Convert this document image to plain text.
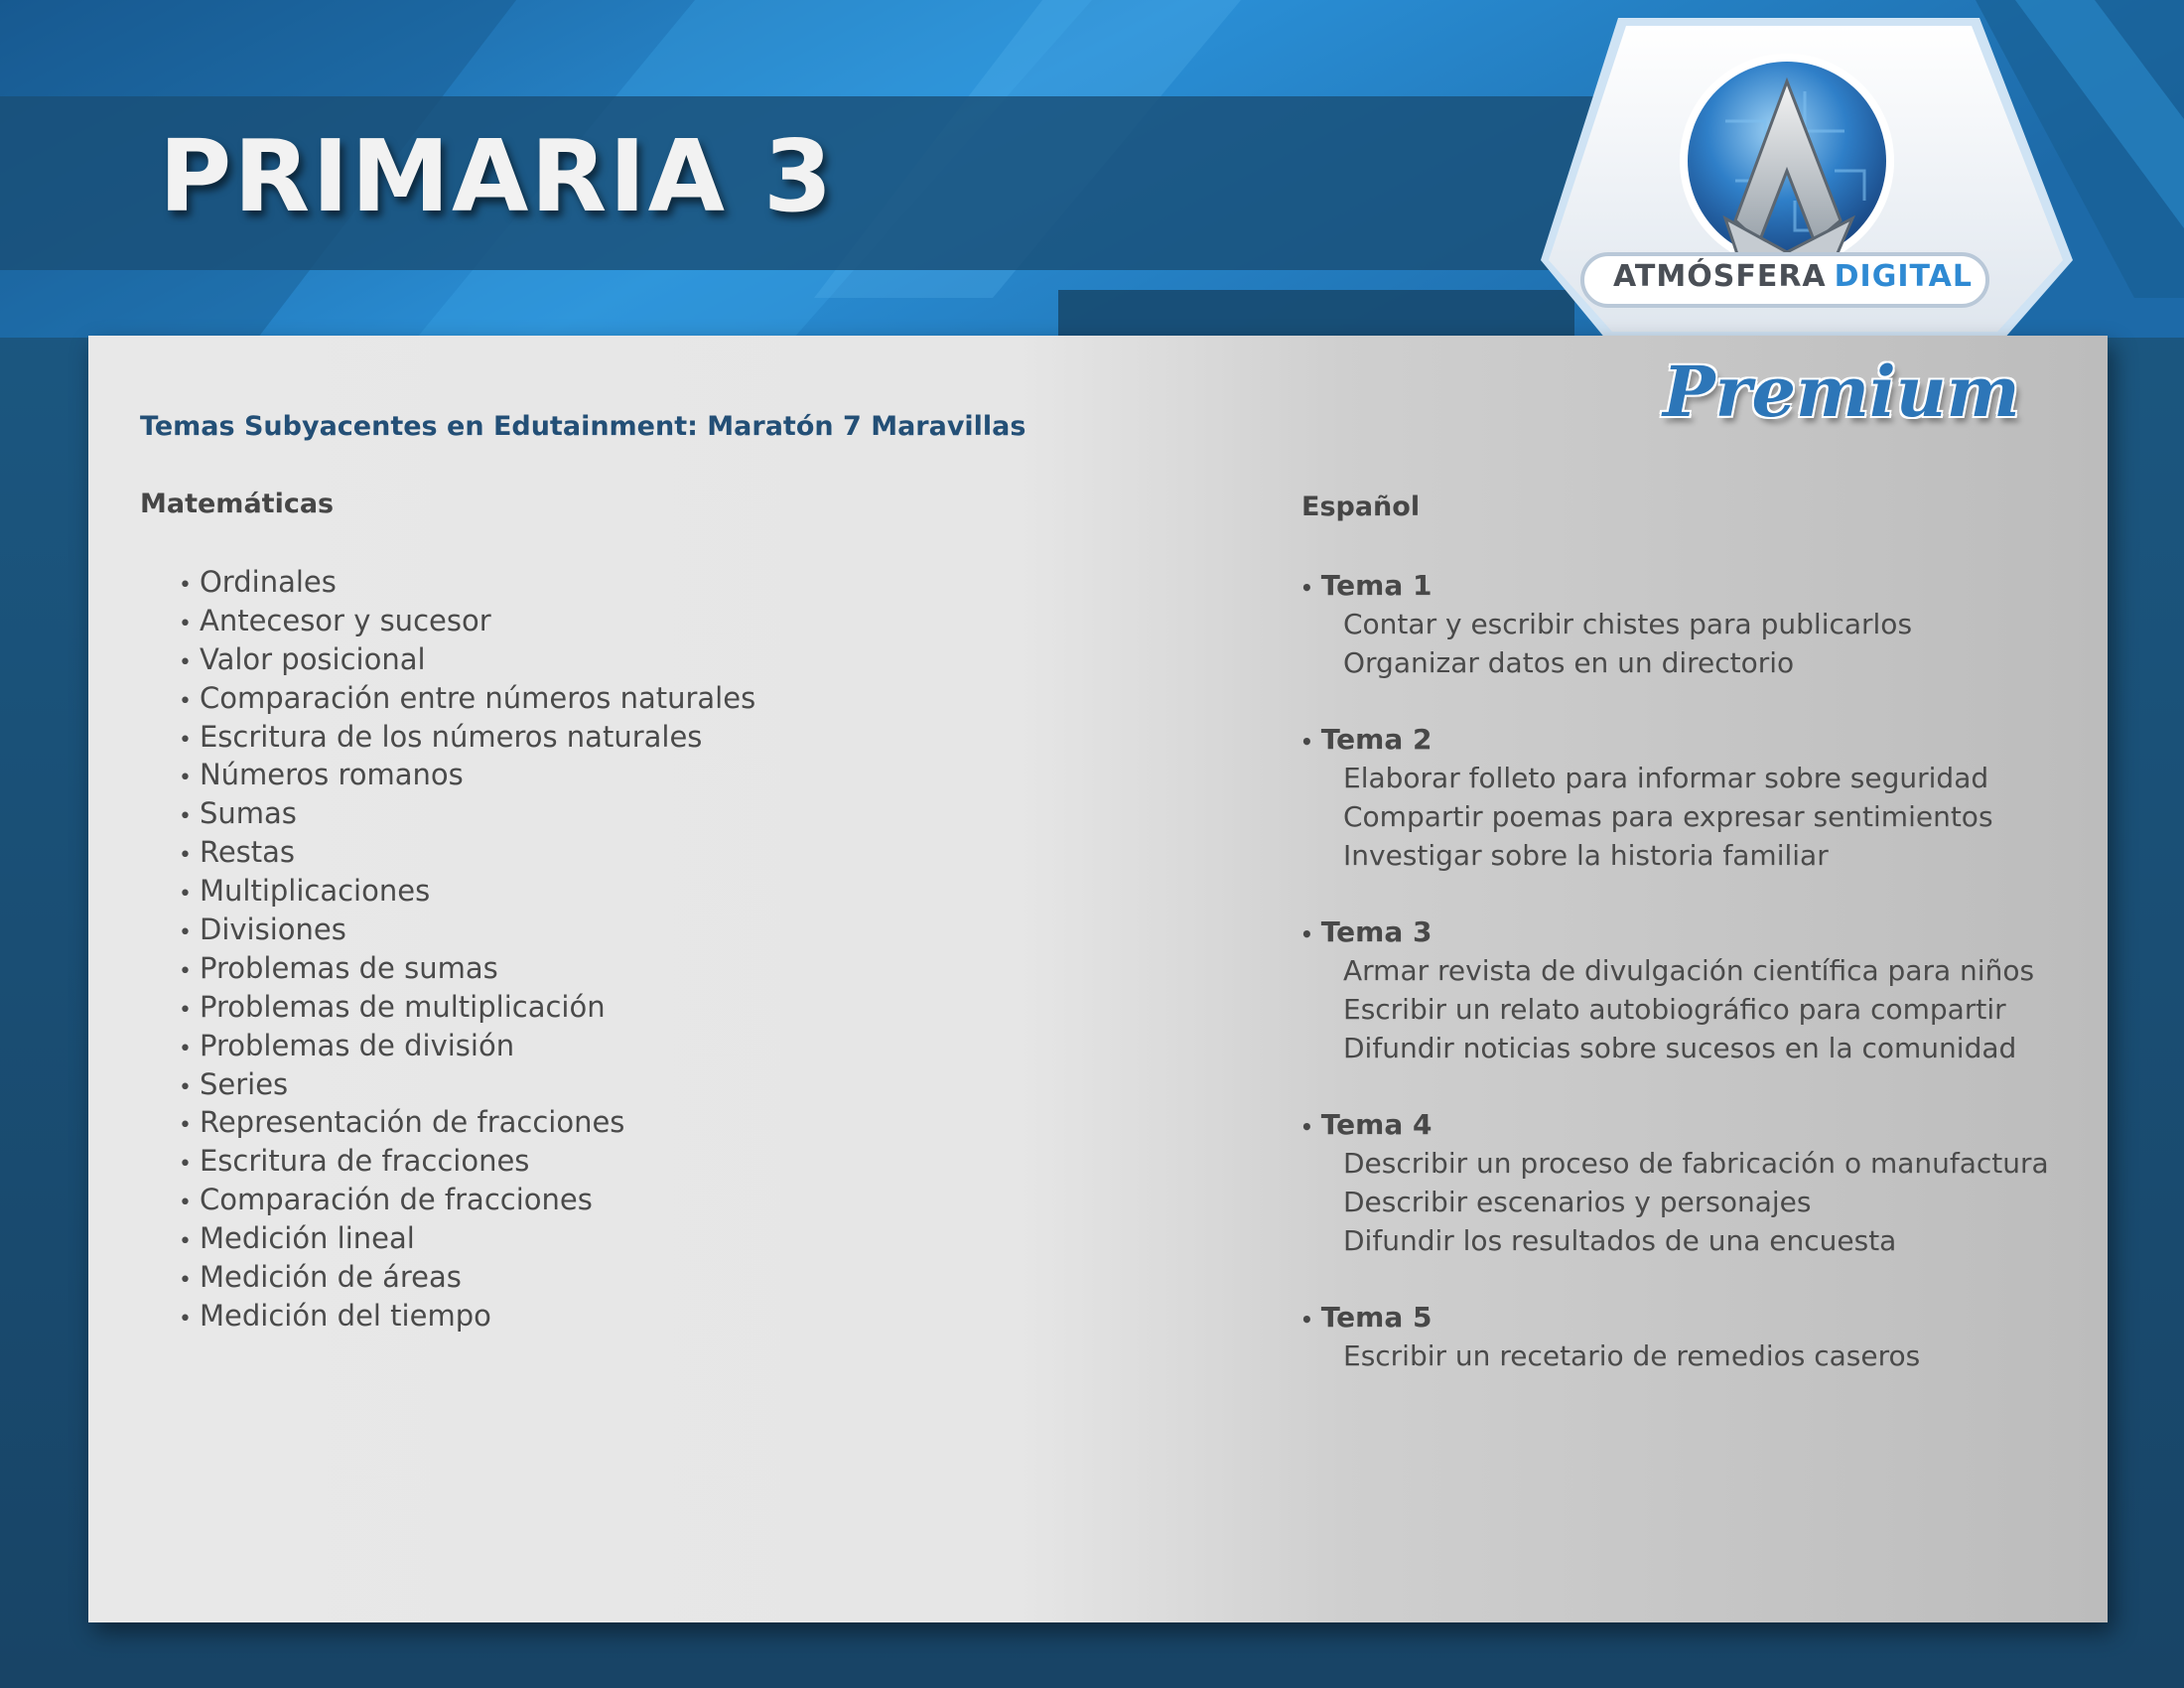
PRIMARIA 3
ATMÓSFERA DIGITAL
Premium
Temas Subyacentes en Edutainment: Maratón 7 Maravillas
Matemáticas
• Ordinales
• Antecesor y sucesor
• Valor posicional
• Comparación entre números naturales
• Escritura de los números naturales
• Números romanos
• Sumas
• Restas
• Multiplicaciones
• Divisiones
• Problemas de sumas
• Problemas de multiplicación
• Problemas de división
• Series
• Representación de fracciones
• Escritura de fracciones
• Comparación de fracciones
• Medición lineal
• Medición de áreas
• Medición del tiempo
Español
• Tema 1
Contar y escribir chistes para publicarlos
Organizar datos en un directorio
• Tema 2
Elaborar folleto para informar sobre seguridad
Compartir poemas para expresar sentimientos
Investigar sobre la historia familiar
• Tema 3
Armar revista de divulgación científica para niños
Escribir un relato autobiográfico para compartir
Difundir noticias sobre sucesos en la comunidad
• Tema 4
Describir un proceso de fabricación o manufactura
Describir escenarios y personajes
Difundir los resultados de una encuesta
• Tema 5
Escribir un recetario de remedios caseros
